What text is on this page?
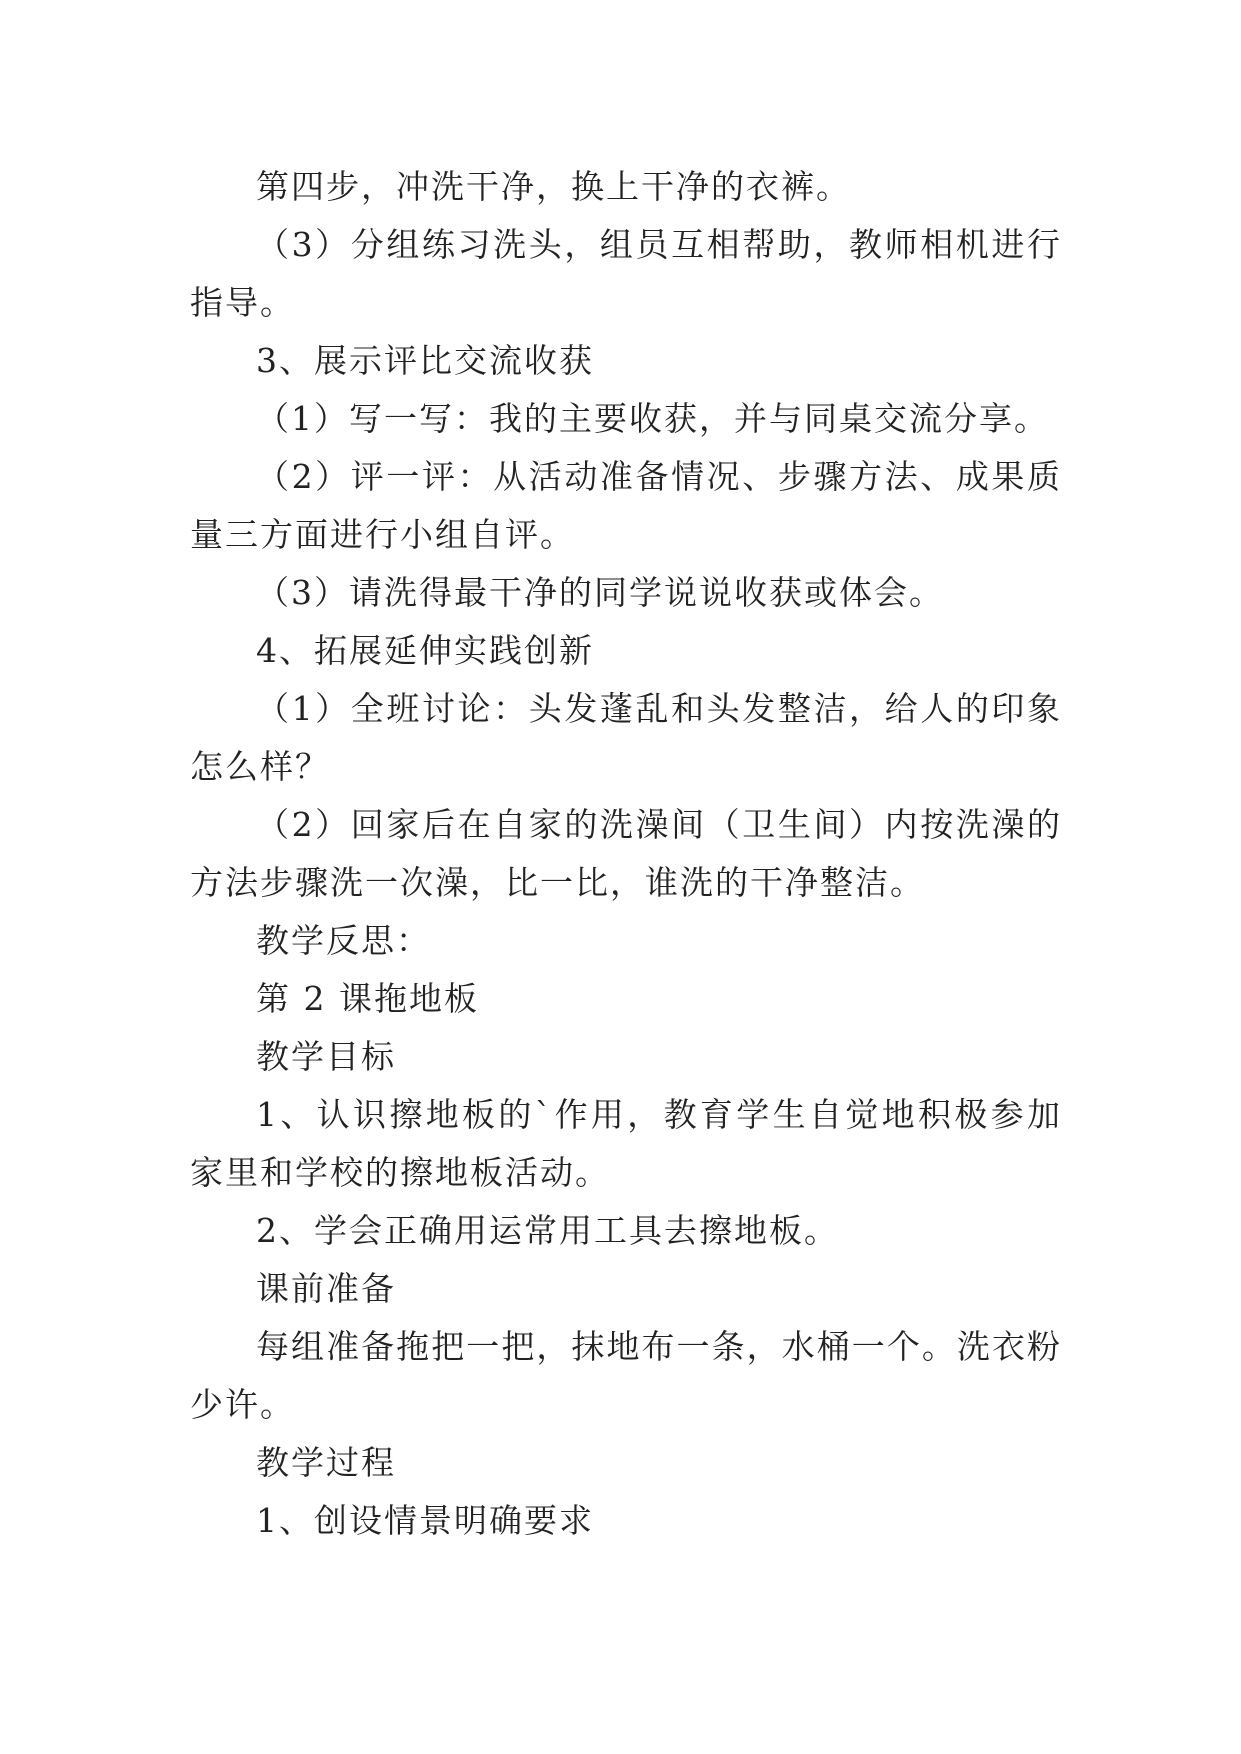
第四步，冲洗干净，换上干净的衣裤。

（3）分组练习洗头，组员互相帮助，教师相机进行指导。

3、展示评比交流收获

（1）写一写：我的主要收获，并与同桌交流分享。

（2）评一评：从活动准备情况、步骤方法、成果质量三方面进行小组自评。

（3）请洗得最干净的同学说说收获或体会。

4、拓展延伸实践创新

（1）全班讨论：头发蓬乱和头发整洁，给人的印象怎么样？

（2）回家后在自家的洗澡间（卫生间）内按洗澡的方法步骤洗一次澡，比一比，谁洗的干净整洁。

教学反思：

第 2 课拖地板

教学目标

1、认识擦地板的`作用，教育学生自觉地积极参加家里和学校的擦地板活动。

2、学会正确用运常用工具去擦地板。

课前准备

每组准备拖把一把，抹地布一条，水桶一个。洗衣粉少许。

教学过程

1、创设情景明确要求
